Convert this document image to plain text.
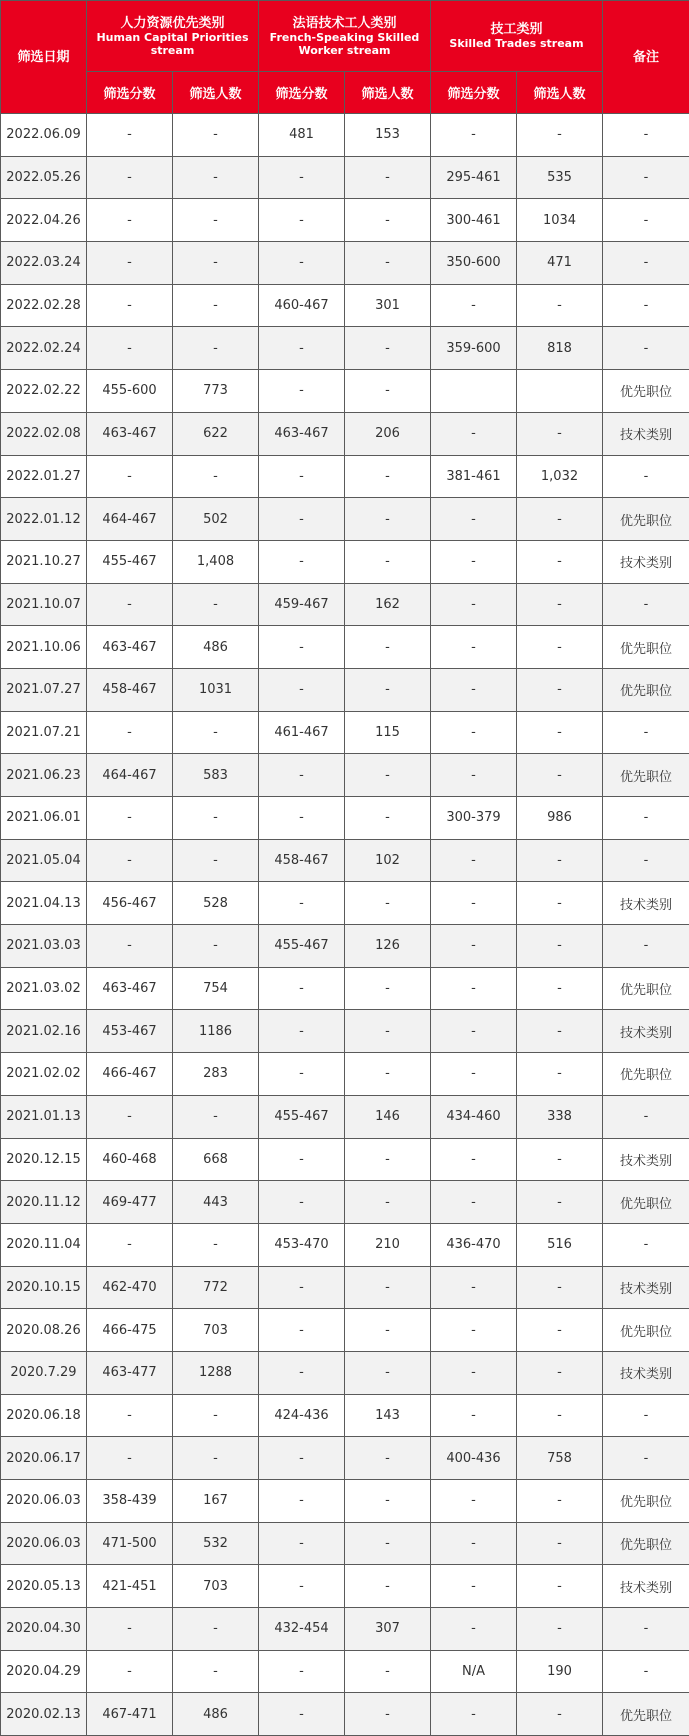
筛选日期	人力资源优先类别
Human Capital Priorities stream		法语技术工人类别
French-Speaking Skilled Worker stream		技工类别
Skilled Trades stream		备注
	筛选分数	筛选人数	筛选分数	筛选人数	筛选分数	筛选人数	
2022.06.09	-	-	481	153	-	-	-
2022.05.26	-	-	-	-	295-461	535	-
2022.04.26	-	-	-	-	300-461	1034	-
2022.03.24	-	-	-	-	350-600	471	-
2022.02.28	-	-	460-467	301	-	-	-
2022.02.24	-	-	-	-	359-600	818	-
2022.02.22	455-600	773	-	-			优先职位
2022.02.08	463-467	622	463-467	206	-	-	技术类别
2022.01.27	-	-	-	-	381-461	1,032	-
2022.01.12	464-467	502	-	-	-	-	优先职位
2021.10.27	455-467	1,408	-	-	-	-	技术类别
2021.10.07	-	-	459-467	162	-	-	-
2021.10.06	463-467	486	-	-	-	-	优先职位
2021.07.27	458-467	1031	-	-	-	-	优先职位
2021.07.21	-	-	461-467	115	-	-	-
2021.06.23	464-467	583	-	-	-	-	优先职位
2021.06.01	-	-	-	-	300-379	986	-
2021.05.04	-	-	458-467	102	-	-	-
2021.04.13	456-467	528	-	-	-	-	技术类别
2021.03.03	-	-	455-467	126	-	-	-
2021.03.02	463-467	754	-	-	-	-	优先职位
2021.02.16	453-467	1186	-	-	-	-	技术类别
2021.02.02	466-467	283	-	-	-	-	优先职位
2021.01.13	-	-	455-467	146	434-460	338	-
2020.12.15	460-468	668	-	-	-	-	技术类别
2020.11.12	469-477	443	-	-	-	-	优先职位
2020.11.04	-	-	453-470	210	436-470	516	-
2020.10.15	462-470	772	-	-	-	-	技术类别
2020.08.26	466-475	703	-	-	-	-	优先职位
2020.7.29	463-477	1288	-	-	-	-	技术类别
2020.06.18	-	-	424-436	143	-	-	-
2020.06.17	-	-	-	-	400-436	758	-
2020.06.03	358-439	167	-	-	-	-	优先职位
2020.06.03	471-500	532	-	-	-	-	优先职位
2020.05.13	421-451	703	-	-	-	-	技术类别
2020.04.30	-	-	432-454	307	-	-	-
2020.04.29	-	-	-	-	N/A	190	-
2020.02.13	467-471	486	-	-	-	-	优先职位
